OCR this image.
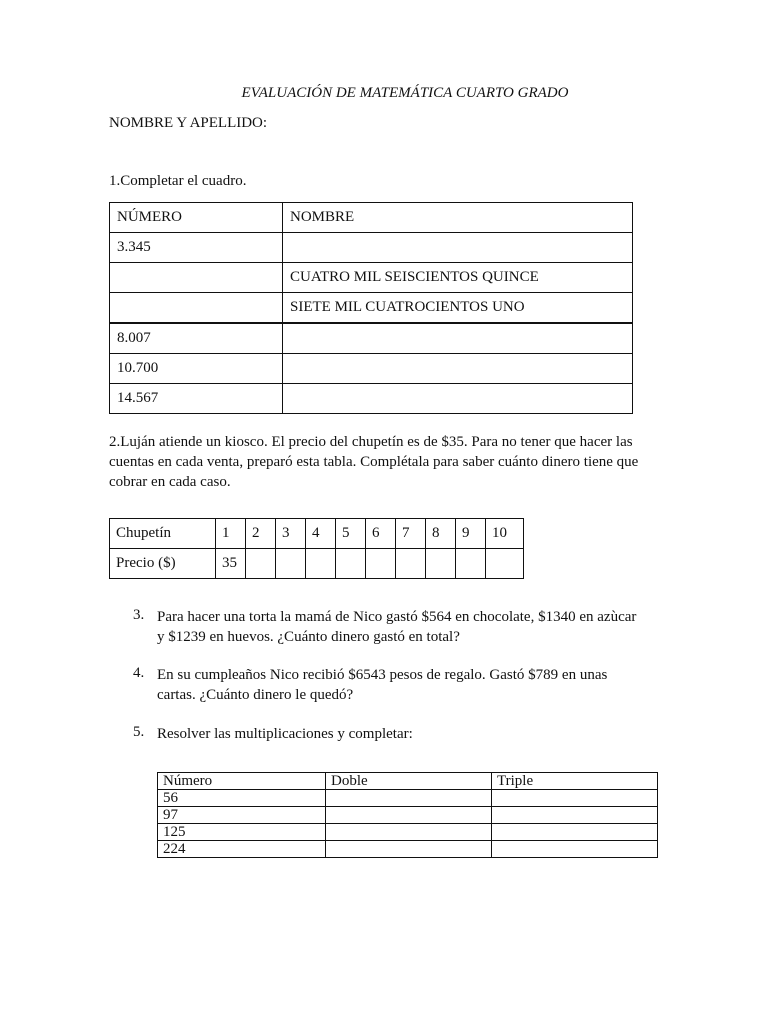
EVALUACIÓN DE MATEMÁTICA CUARTO GRADO
NOMBRE Y APELLIDO:
1.Completar el cuadro.
NÚMERO	NOMBRE
3.345	
	CUATRO MIL SEISCIENTOS QUINCE
	SIETE MIL CUATROCIENTOS UNO
8.007	
10.700	
14.567	
2.Luján atiende un kiosco. El precio del chupetín es de $35. Para no tener que hacer las cuentas en cada venta, preparó esta tabla. Complétala para saber cuánto dinero tiene que cobrar en cada caso.
Chupetín	1	2	3	4	5	6	7	8	9	10
Precio ($)	35									
3. Para hacer una torta la mamá de Nico gastó $564 en chocolate, $1340 en azùcar y $1239 en huevos. ¿Cuánto dinero gastó en total?
4. En su cumpleaños Nico recibió $6543 pesos de regalo. Gastó $789 en unas cartas. ¿Cuánto dinero le quedó?
5. Resolver las multiplicaciones y completar:
Número	Doble	Triple
56		
97		
125		
224		
